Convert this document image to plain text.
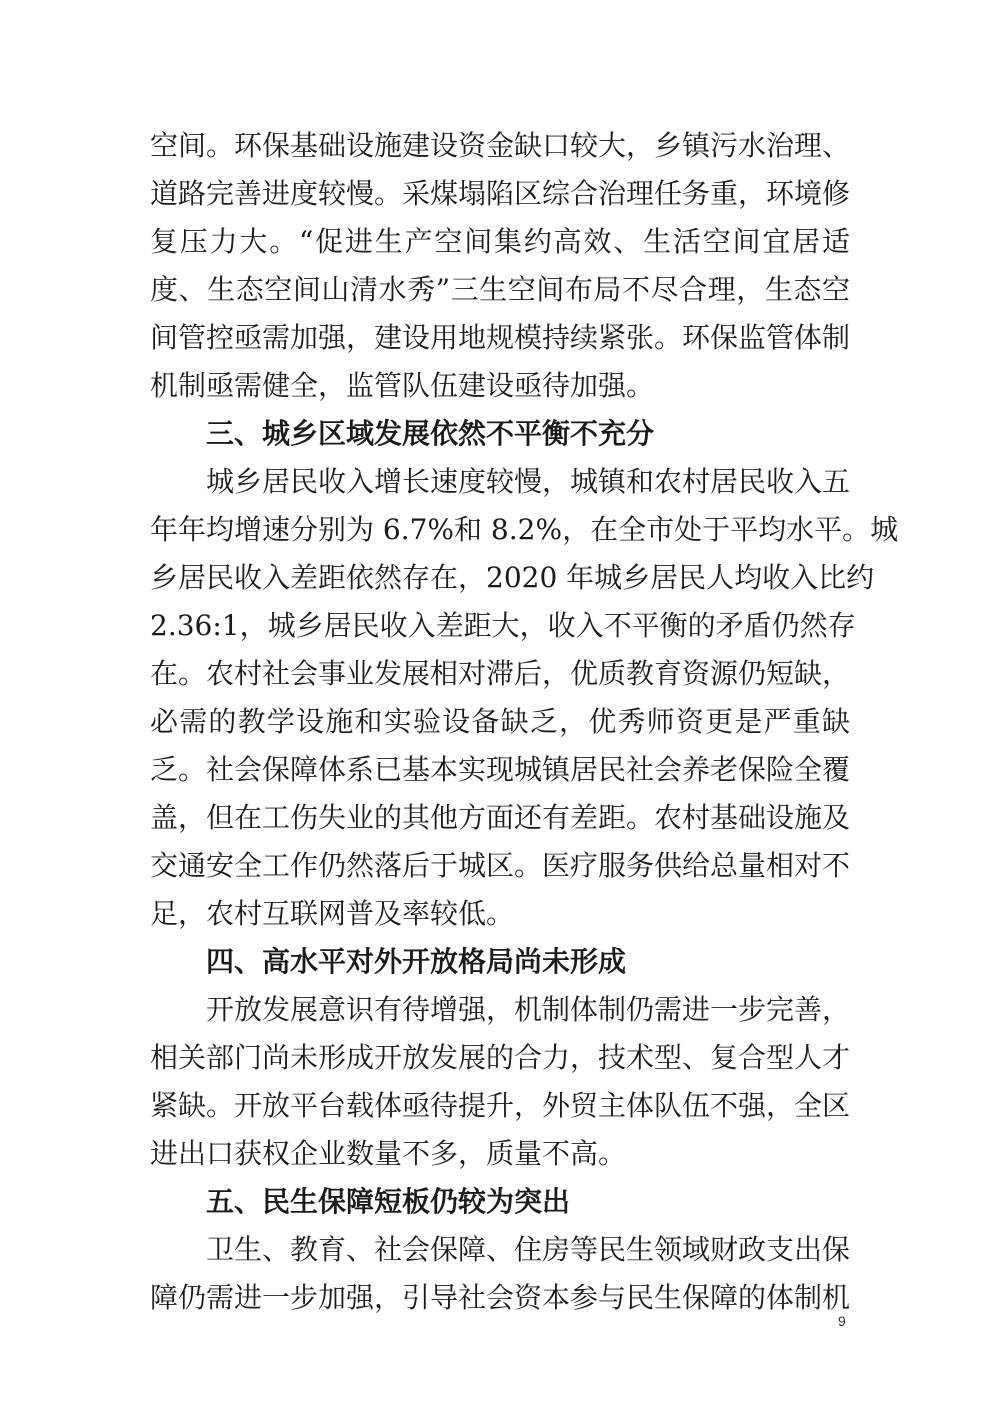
空间。环保基础设施建设资金缺口较大，乡镇污水治理、
道路完善进度较慢。采煤塌陷区综合治理任务重，环境修
复压力大。“促进生产空间集约高效、生活空间宜居适
度、生态空间山清水秀”三生空间布局不尽合理，生态空
间管控亟需加强，建设用地规模持续紧张。环保监管体制
机制亟需健全，监管队伍建设亟待加强。
三、城乡区域发展依然不平衡不充分
城乡居民收入增长速度较慢，城镇和农村居民收入五
年年均增速分别为 6.7%和 8.2%，在全市处于平均水平。城
乡居民收入差距依然存在，2020 年城乡居民人均收入比约
2.36:1，城乡居民收入差距大，收入不平衡的矛盾仍然存
在。农村社会事业发展相对滞后，优质教育资源仍短缺，
必需的教学设施和实验设备缺乏，优秀师资更是严重缺
乏。社会保障体系已基本实现城镇居民社会养老保险全覆
盖，但在工伤失业的其他方面还有差距。农村基础设施及
交通安全工作仍然落后于城区。医疗服务供给总量相对不
足，农村互联网普及率较低。
四、高水平对外开放格局尚未形成
开放发展意识有待增强，机制体制仍需进一步完善，
相关部门尚未形成开放发展的合力，技术型、复合型人才
紧缺。开放平台载体亟待提升，外贸主体队伍不强，全区
进出口获权企业数量不多，质量不高。
五、民生保障短板仍较为突出
卫生、教育、社会保障、住房等民生领域财政支出保
障仍需进一步加强，引导社会资本参与民生保障的体制机
9
